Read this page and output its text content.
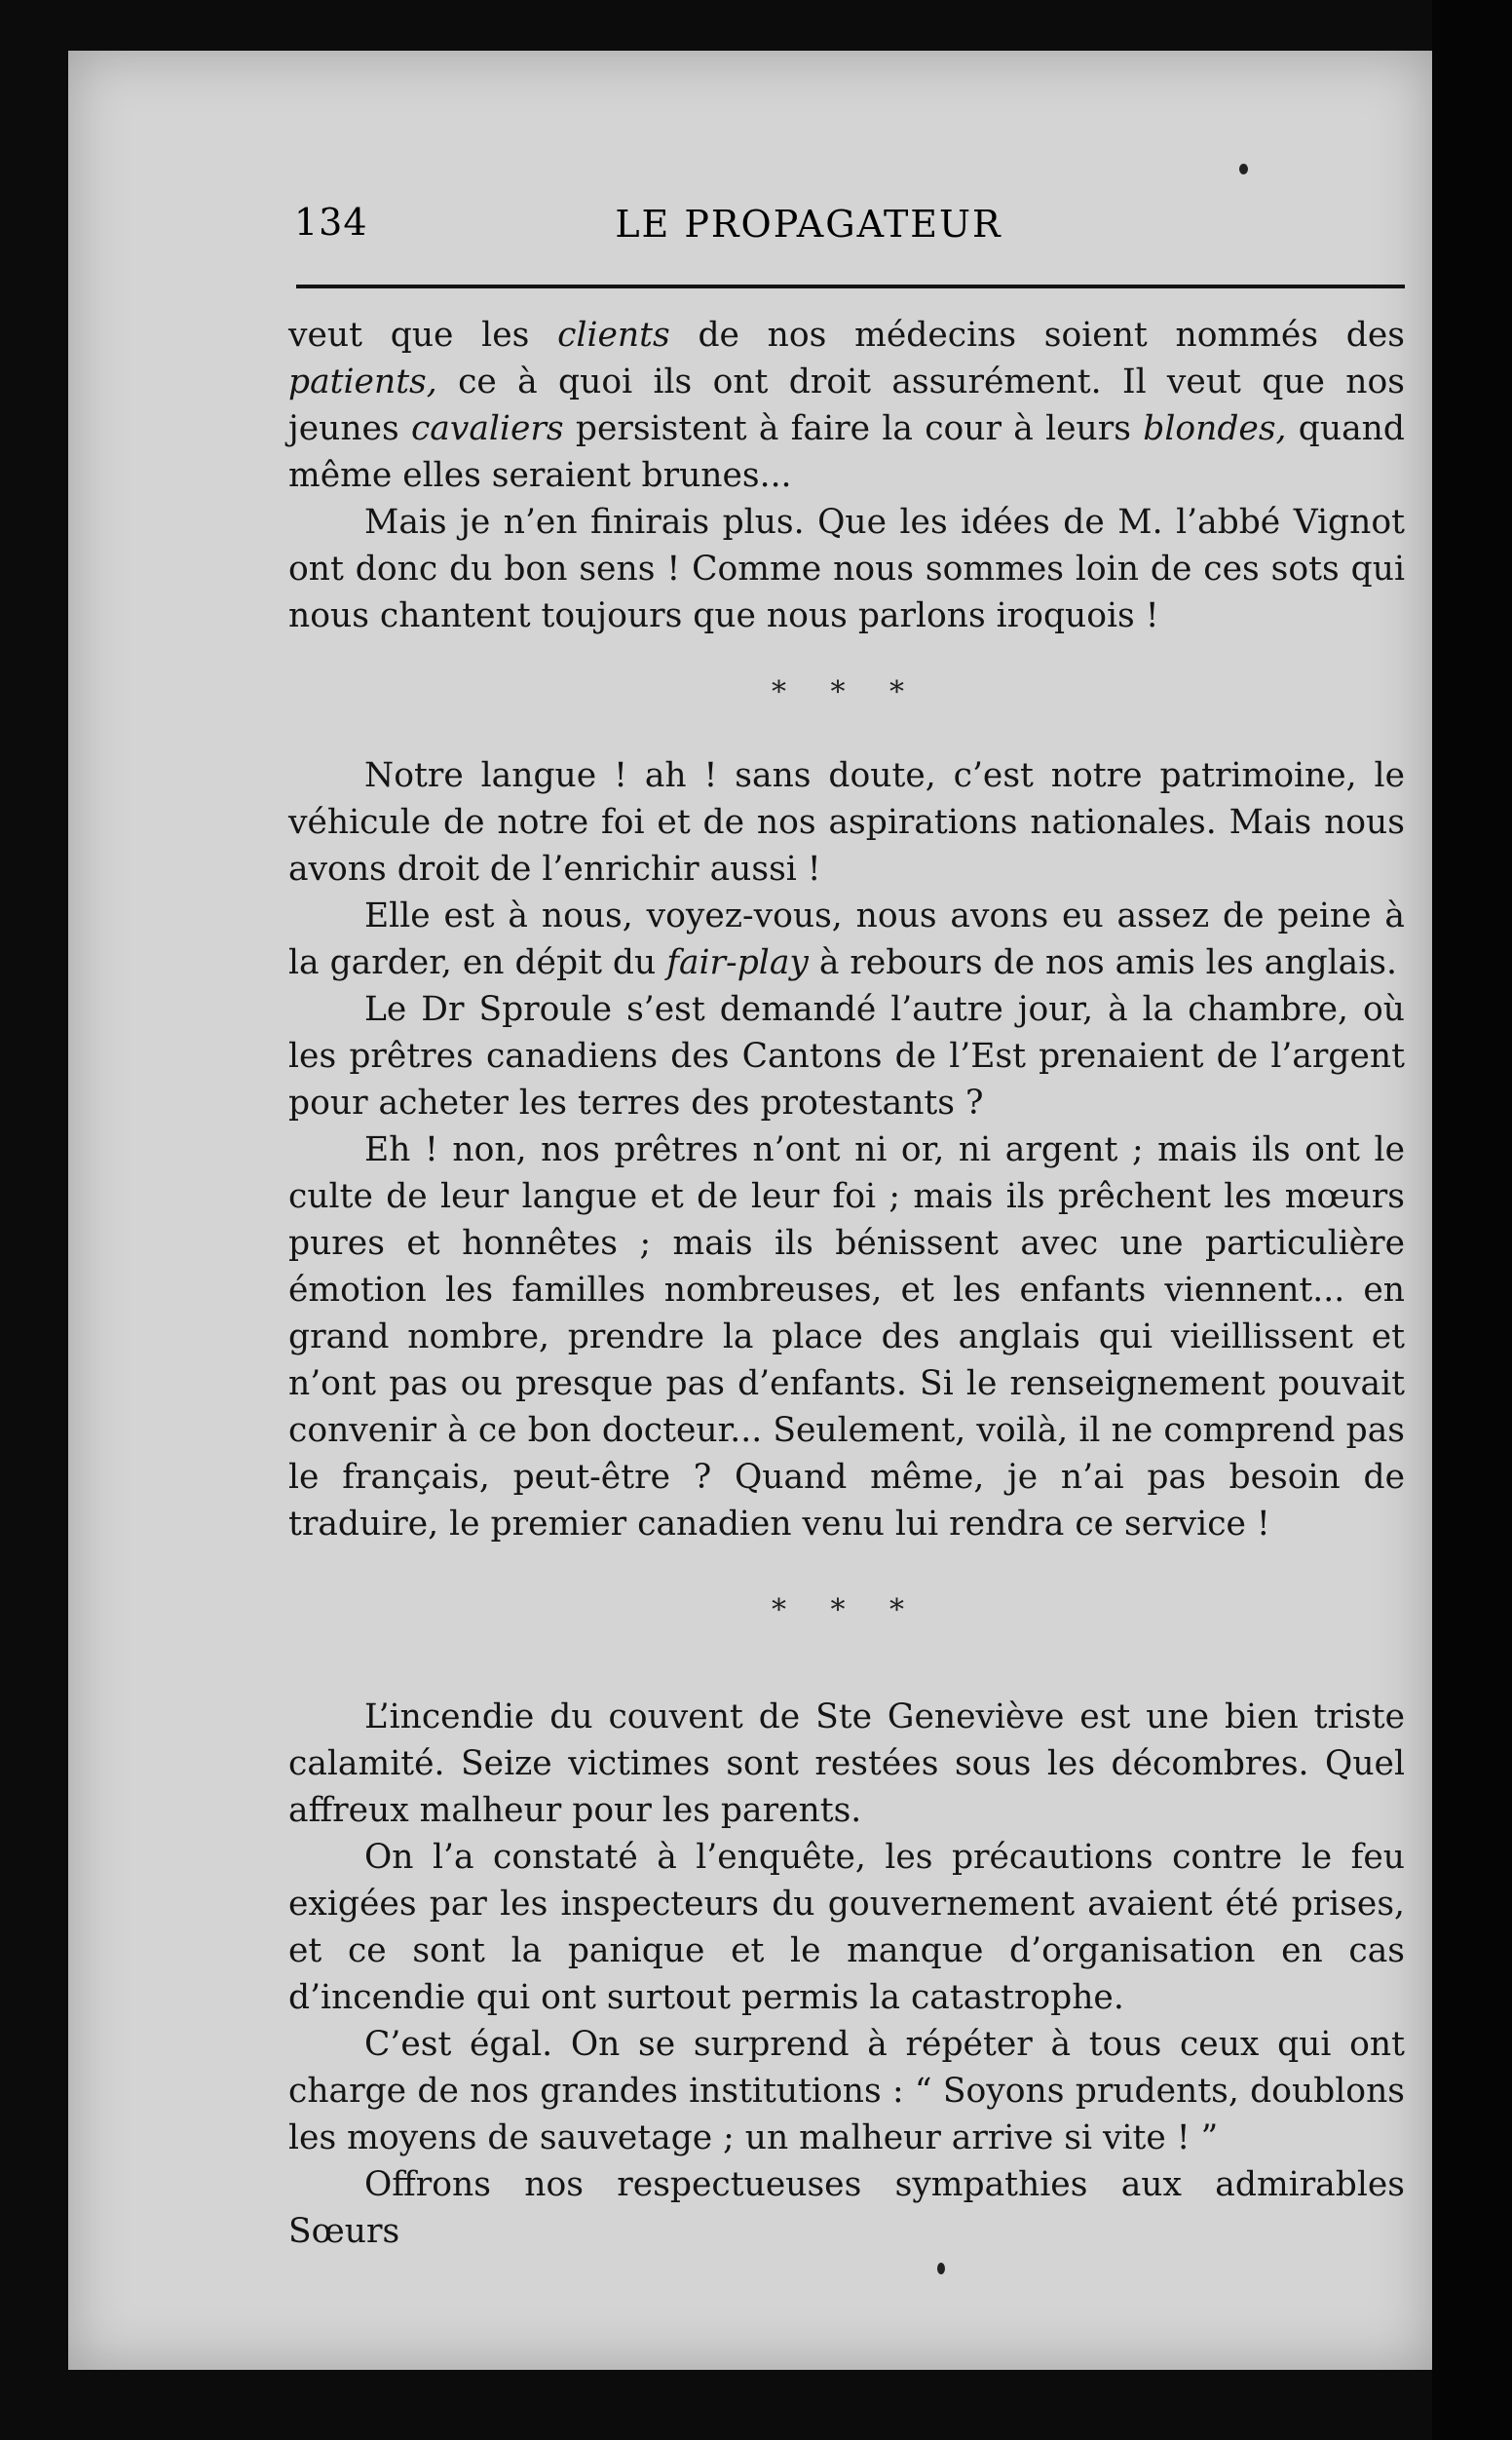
134	LE PROPAGATEUR

veut que les clients de nos médecins soient nommés des patients, ce à quoi ils ont droit assurément. Il veut que nos jeunes cavaliers persistent à faire la cour à leurs blondes, quand même elles seraient brunes...

Mais je n’en finirais plus. Que les idées de M. l’abbé Vignot ont donc du bon sens ! Comme nous sommes loin de ces sots qui nous chantent toujours que nous parlons iroquois !

* * *

Notre langue ! ah ! sans doute, c’est notre patrimoine, le véhicule de notre foi et de nos aspirations nationales. Mais nous avons droit de l’enrichir aussi !

Elle est à nous, voyez-vous, nous avons eu assez de peine à la garder, en dépit du fair-play à rebours de nos amis les anglais.

Le Dr Sproule s’est demandé l’autre jour, à la chambre, où les prêtres canadiens des Cantons de l’Est prenaient de l’argent pour acheter les terres des protestants ?

Eh ! non, nos prêtres n’ont ni or, ni argent ; mais ils ont le culte de leur langue et de leur foi ; mais ils prêchent les mœurs pures et honnêtes ; mais ils bénissent avec une particulière émotion les familles nombreuses, et les enfants viennent... en grand nombre, prendre la place des anglais qui vieillissent et n’ont pas ou presque pas d’enfants. Si le renseignement pouvait convenir à ce bon docteur... Seulement, voilà, il ne comprend pas le français, peut-être ? Quand même, je n’ai pas besoin de traduire, le premier canadien venu lui rendra ce service !

* * *

L’incendie du couvent de Ste Geneviève est une bien triste calamité. Seize victimes sont restées sous les décombres. Quel affreux malheur pour les parents.

On l’a constaté à l’enquête, les précautions contre le feu exigées par les inspecteurs du gouvernement avaient été prises, et ce sont la panique et le manque d’organisation en cas d’incendie qui ont surtout permis la catastrophe.

C’est égal. On se surprend à répéter à tous ceux qui ont charge de nos grandes institutions : “ Soyons prudents, doublons les moyens de sauvetage ; un malheur arrive si vite ! ”

Offrons nos respectueuses sympathies aux admirables Sœurs
